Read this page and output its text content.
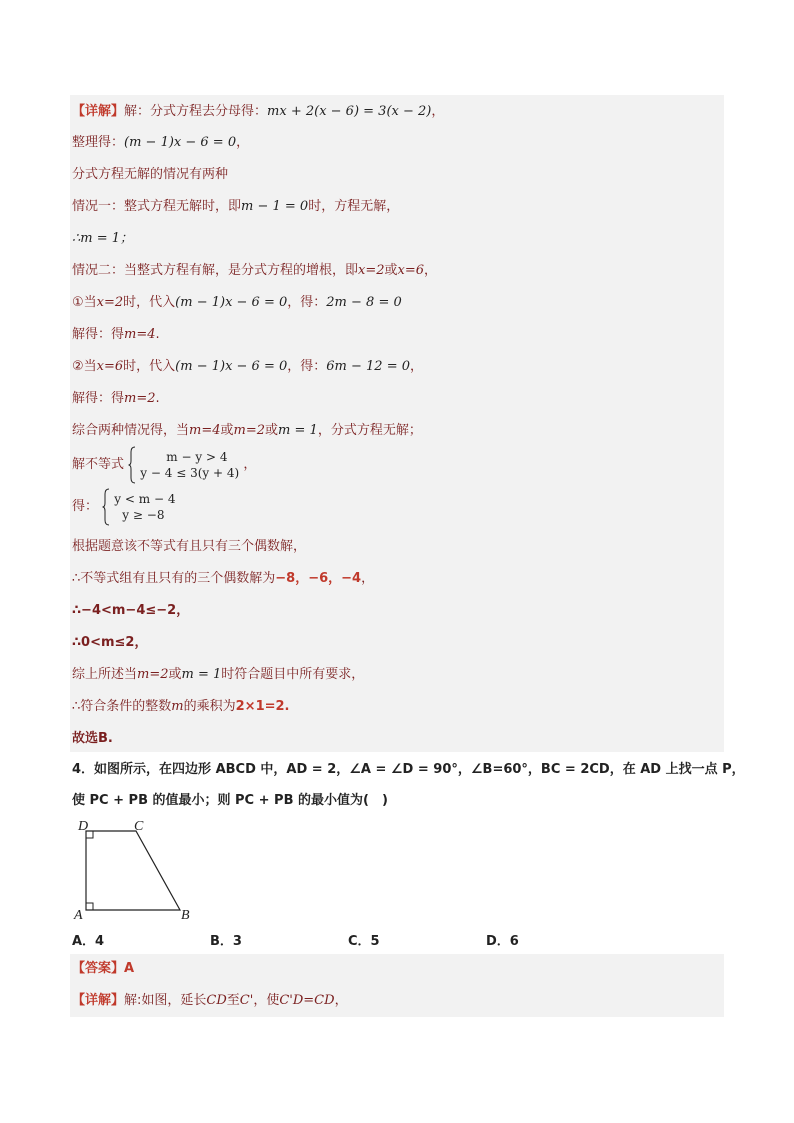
【详解】解：分式方程去分母得：mx + 2(x − 6) = 3(x − 2)，
整理得：(m − 1)x − 6 = 0，
分式方程无解的情况有两种
情况一：整式方程无解时，即m − 1 = 0时，方程无解，
∴m = 1；
情况二：当整式方程有解，是分式方程的增根，即x=2或x=6，
①当x=2时，代入(m − 1)x − 6 = 0，得：2m − 8 = 0
解得：得m=4.
②当x=6时，代入(m − 1)x − 6 = 0，得：6m − 12 = 0，
解得：得m=2.
综合两种情况得，当m=4或m=2或m = 1，分式方程无解；
解不等式	m − y > 4
y − 4 ≤ 3(y + 4)
，
得： y < m − 4
y ≥ −8
根据题意该不等式有且只有三个偶数解，
∴不等式组有且只有的三个偶数解为−8，−6，−4，
∴−4<m−4≤−2，
∴0<m≤2，
综上所述当m=2或m = 1时符合题目中所有要求，
∴符合条件的整数m的乘积为2×1=2.
故选B.
4．如图所示，在四边形 ABCD 中，AD = 2，∠A = ∠D = 90°，∠B=60°，BC = 2CD，在 AD 上找一点 P，
使 PC + PB 的值最小；则 PC + PB 的最小值为(　)
D	C
A	B
A．4	B．3	C．5	D．6
【答案】A
【详解】解:如图，延长CD至C'，使C'D=CD，
